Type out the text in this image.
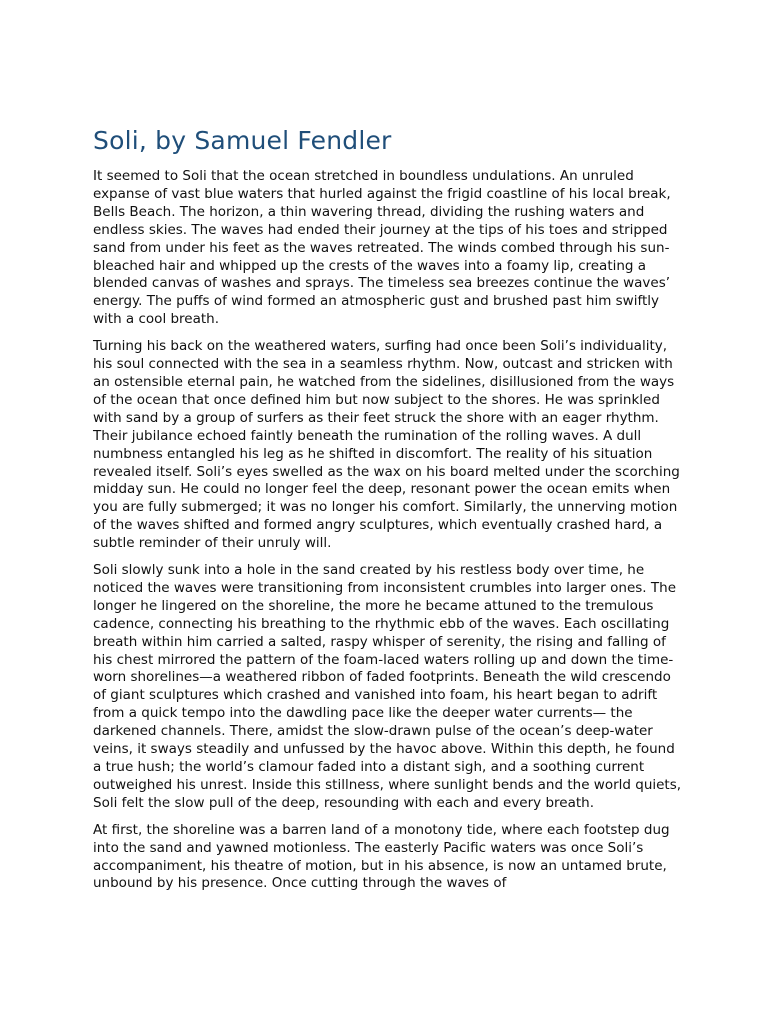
Soli, by Samuel Fendler

It seemed to Soli that the ocean stretched in boundless undulations. An unruled expanse of vast blue waters that hurled against the frigid coastline of his local break, Bells Beach. The horizon, a thin wavering thread, dividing the rushing waters and endless skies. The waves had ended their journey at the tips of his toes and stripped sand from under his feet as the waves retreated. The winds combed through his sun-bleached hair and whipped up the crests of the waves into a foamy lip, creating a blended canvas of washes and sprays. The timeless sea breezes continue the waves’ energy. The puffs of wind formed an atmospheric gust and brushed past him swiftly with a cool breath.

Turning his back on the weathered waters, surfing had once been Soli’s individuality, his soul connected with the sea in a seamless rhythm. Now, outcast and stricken with an ostensible eternal pain, he watched from the sidelines, disillusioned from the ways of the ocean that once defined him but now subject to the shores. He was sprinkled with sand by a group of surfers as their feet struck the shore with an eager rhythm. Their jubilance echoed faintly beneath the rumination of the rolling waves. A dull numbness entangled his leg as he shifted in discomfort. The reality of his situation revealed itself. Soli’s eyes swelled as the wax on his board melted under the scorching midday sun. He could no longer feel the deep, resonant power the ocean emits when you are fully submerged; it was no longer his comfort. Similarly, the unnerving motion of the waves shifted and formed angry sculptures, which eventually crashed hard, a subtle reminder of their unruly will.

Soli slowly sunk into a hole in the sand created by his restless body over time, he noticed the waves were transitioning from inconsistent crumbles into larger ones. The longer he lingered on the shoreline, the more he became attuned to the tremulous cadence, connecting his breathing to the rhythmic ebb of the waves. Each oscillating breath within him carried a salted, raspy whisper of serenity, the rising and falling of his chest mirrored the pattern of the foam-laced waters rolling up and down the time-worn shorelines—a weathered ribbon of faded footprints. Beneath the wild crescendo of giant sculptures which crashed and vanished into foam, his heart began to adrift from a quick tempo into the dawdling pace like the deeper water currents— the darkened channels. There, amidst the slow-drawn pulse of the ocean’s deep-water veins, it sways steadily and unfussed by the havoc above. Within this depth, he found a true hush; the world’s clamour faded into a distant sigh, and a soothing current outweighed his unrest. Inside this stillness, where sunlight bends and the world quiets, Soli felt the slow pull of the deep, resounding with each and every breath.

At first, the shoreline was a barren land of a monotony tide, where each footstep dug into the sand and yawned motionless. The easterly Pacific waters was once Soli’s accompaniment, his theatre of motion, but in his absence, is now an untamed brute, unbound by his presence. Once cutting through the waves of
